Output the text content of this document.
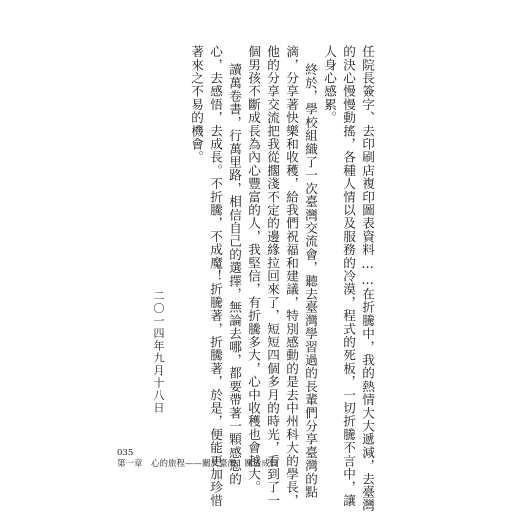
任院長簽字、去印刷店複印圖表資料……在折騰中，我的熱情大大遞減，去臺灣
的決心慢慢動搖，各種人情以及服務的冷漠，程式的死板，一切折騰不言中，讓
人身心感累。
終於，學校組織了一次臺灣交流會，聽去臺灣學習過的長輩們分享臺灣的點
滴，分享著快樂和收穫，給我們祝福和建議，特別感動的是去中州科大的學長，
他的分享交流把我從擱淺不定的邊緣拉回來了，短短四個多月的時光，看到了一
個男孩不斷成長為內心豐富的人，我堅信，有折騰多大，心中收穫也會越大。
讀萬卷書，行萬里路，相信自己的選擇，無論去哪，都要帶著一顆感恩的
心，去感悟，去成長。不折騰，不成魔！折騰著，折騰著，於是，便能更加珍惜
著來之不易的機會。
二〇一四年九月十八日
035
第一章　心的旅程——關於臺灣，關於成長
